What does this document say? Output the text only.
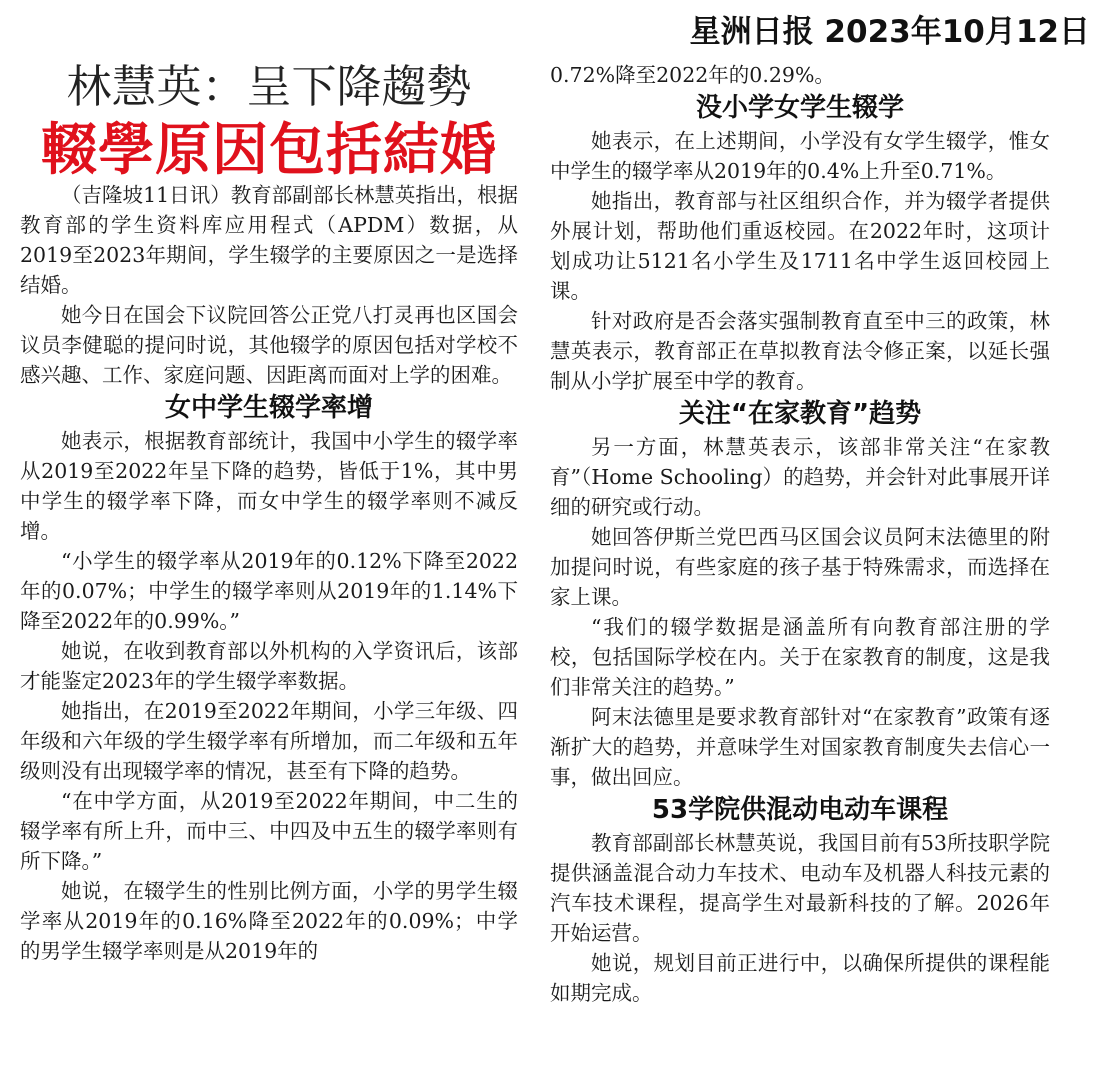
星洲日报 2023年10月12日
林慧英：呈下降趨勢
輟學原因包括結婚

（吉隆坡11日讯）教育部副部长林慧英指出，根据教育部的学生资料库应用程式（APDM）数据，从2019至2023年期间，学生辍学的主要原因之一是选择结婚。

她今日在国会下议院回答公正党八打灵再也区国会议员李健聪的提问时说，其他辍学的原因包括对学校不感兴趣、工作、家庭问题、因距离而面对上学的困难。

女中学生辍学率增

她表示，根据教育部统计，我国中小学生的辍学率从2019至2022年呈下降的趋势，皆低于1%，其中男中学生的辍学率下降，而女中学生的辍学率则不减反增。

“小学生的辍学率从2019年的0.12%下降至2022年的0.07%；中学生的辍学率则从2019年的1.14%下降至2022年的0.99%。”

她说，在收到教育部以外机构的入学资讯后，该部才能鉴定2023年的学生辍学率数据。

她指出，在2019至2022年期间，小学三年级、四年级和六年级的学生辍学率有所增加，而二年级和五年级则没有出现辍学率的情况，甚至有下降的趋势。

“在中学方面，从2019至2022年期间，中二生的辍学率有所上升，而中三、中四及中五生的辍学率则有所下降。”

她说，在辍学生的性别比例方面，小学的男学生辍学率从2019年的0.16%降至2022年的0.09%；中学的男学生辍学率则是从2019年的

0.72%降至2022年的0.29%。

没小学女学生辍学

她表示，在上述期间，小学没有女学生辍学，惟女中学生的辍学率从2019年的0.4%上升至0.71%。

她指出，教育部与社区组织合作，并为辍学者提供外展计划，帮助他们重返校园。在2022年时，这项计划成功让5121名小学生及1711名中学生返回校园上课。

针对政府是否会落实强制教育直至中三的政策，林慧英表示，教育部正在草拟教育法令修正案，以延长强制从小学扩展至中学的教育。

关注“在家教育”趋势

另一方面，林慧英表示，该部非常关注“在家教育”（Home Schooling）的趋势，并会针对此事展开详细的研究或行动。

她回答伊斯兰党巴西马区国会议员阿末法德里的附加提问时说，有些家庭的孩子基于特殊需求，而选择在家上课。

“我们的辍学数据是涵盖所有向教育部注册的学校，包括国际学校在内。关于在家教育的制度，这是我们非常关注的趋势。”

阿末法德里是要求教育部针对“在家教育”政策有逐渐扩大的趋势，并意味学生对国家教育制度失去信心一事，做出回应。

53学院供混动电动车课程

教育部副部长林慧英说，我国目前有53所技职学院提供涵盖混合动力车技术、电动车及机器人科技元素的汽车技术课程，提高学生对最新科技的了解。2026年开始运营。

她说，规划目前正进行中，以确保所提供的课程能如期完成。
